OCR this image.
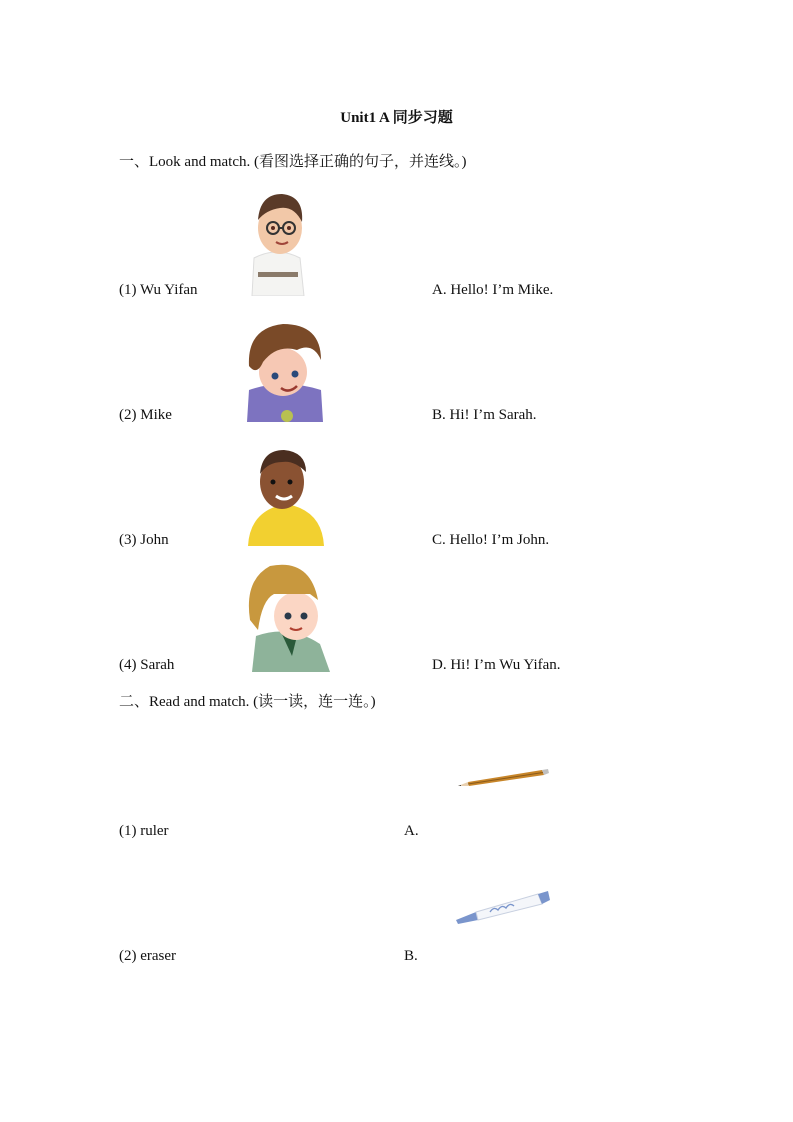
Unit1 A 同步习题
一、Look and match. (看图选择正确的句子，并连线。)
(1) Wu Yifan
(2) Mike
(3) John
(4) Sarah
A. Hello! I’m Mike.
B. Hi! I’m Sarah.
C. Hello! I’m John.
D. Hi! I’m Wu Yifan.
二、Read and match. (读一读，连一连。)
(1) ruler
(2) eraser
A.
B.
